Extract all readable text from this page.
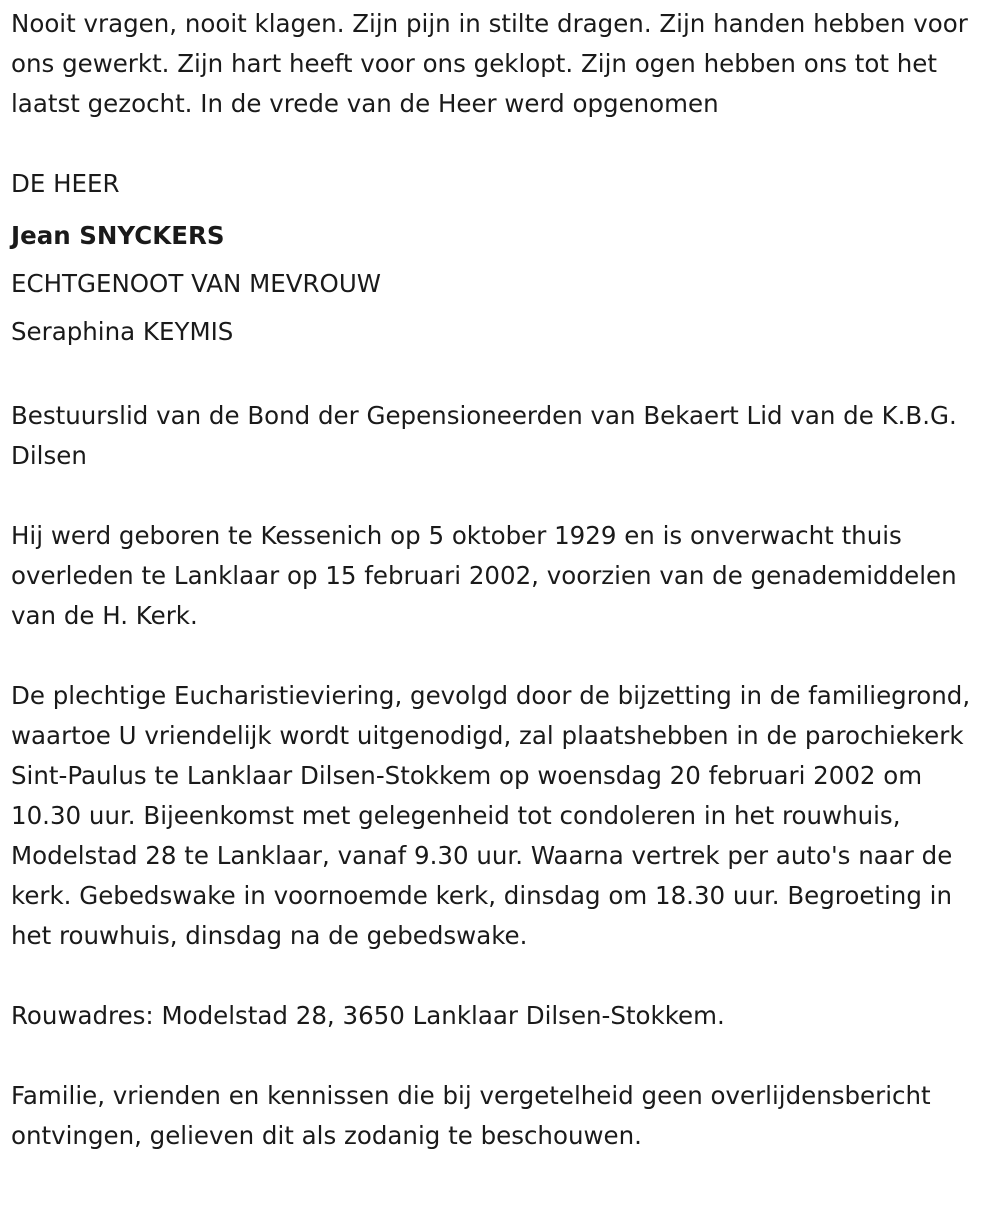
Nooit vragen, nooit klagen. Zijn pijn in stilte dragen. Zijn handen hebben voor ons gewerkt. Zijn hart heeft voor ons geklopt. Zijn ogen hebben ons tot het laatst gezocht. In de vrede van de Heer werd opgenomen

DE HEER

Jean SNYCKERS

ECHTGENOOT VAN MEVROUW

Seraphina KEYMIS

Bestuurslid van de Bond der Gepensioneerden van Bekaert Lid van de K.B.G. Dilsen

Hij werd geboren te Kessenich op 5 oktober 1929 en is onverwacht thuis overleden te Lanklaar op 15 februari 2002, voorzien van de genademiddelen van de H. Kerk.

De plechtige Eucharistieviering, gevolgd door de bijzetting in de familiegrond, waartoe U vriendelijk wordt uitgenodigd, zal plaatshebben in de parochiekerk Sint-Paulus te Lanklaar Dilsen-Stokkem op woensdag 20 februari 2002 om 10.30 uur. Bijeenkomst met gelegenheid tot condoleren in het rouwhuis, Modelstad 28 te Lanklaar, vanaf 9.30 uur. Waarna vertrek per auto's naar de kerk. Gebedswake in voornoemde kerk, dinsdag om 18.30 uur. Begroeting in het rouwhuis, dinsdag na de gebedswake.

Rouwadres: Modelstad 28, 3650 Lanklaar Dilsen-Stokkem.

Familie, vrienden en kennissen die bij vergetelheid geen overlijdensbericht ontvingen, gelieven dit als zodanig te beschouwen.
